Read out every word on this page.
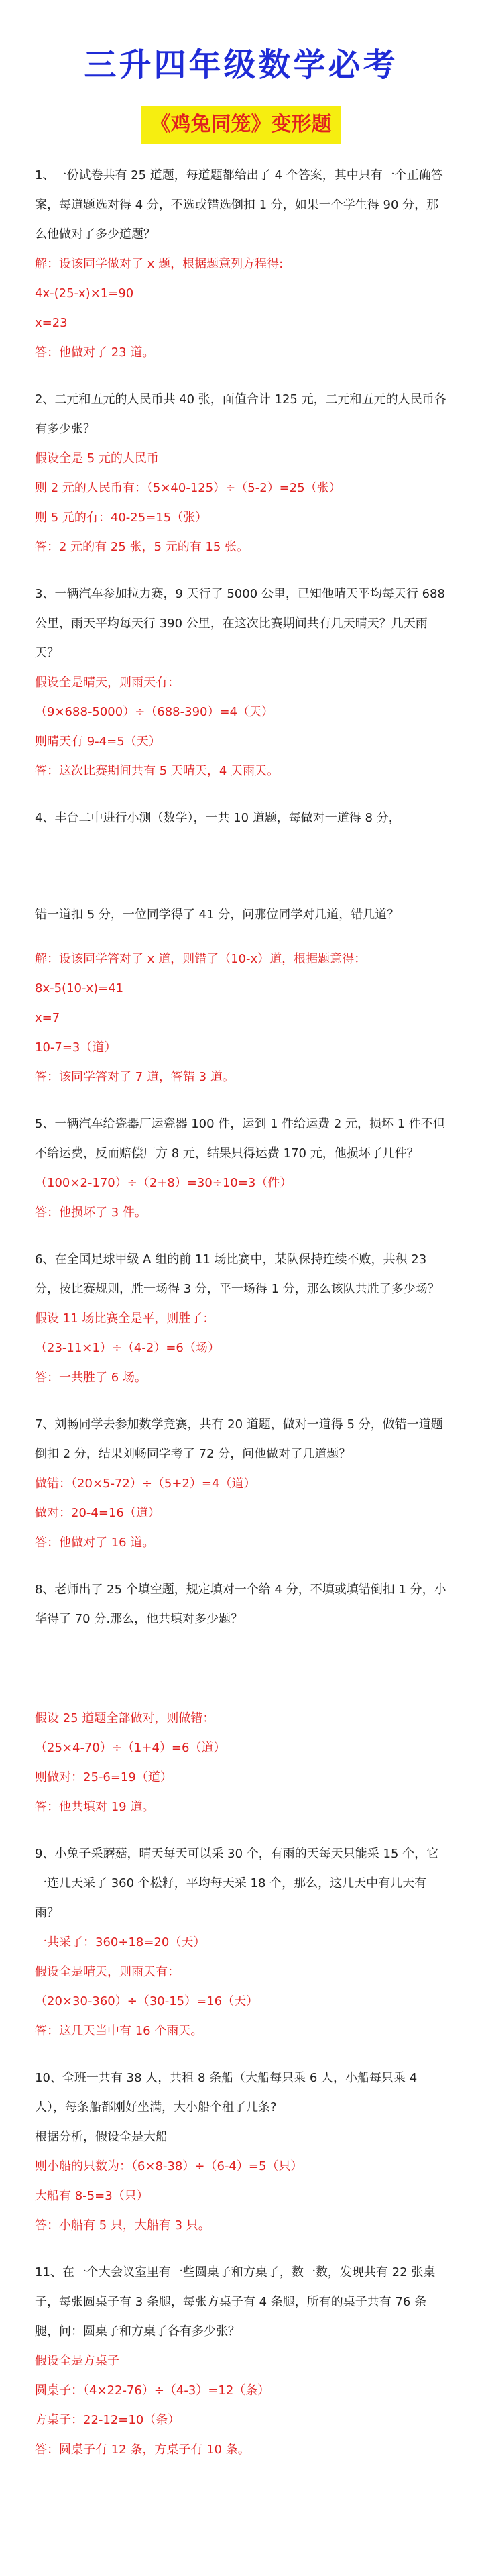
三升四年级数学必考
《鸡兔同笼》变形题

1、一份试卷共有 25 道题，每道题都给出了 4 个答案，其中只有一个正确答案，每道题选对得 4 分，不选或错选倒扣 1 分，如果一个学生得 90 分，那么他做对了多少道题？

解：设该同学做对了 x 题，根据题意列方程得:

4x-(25-x)×1=90

x=23

答：他做对了 23 道。

2、二元和五元的人民币共 40 张，面值合计 125 元，二元和五元的人民币各有多少张？

假设全是 5 元的人民币

则 2 元的人民币有：（5×40-125）÷（5-2）=25（张）

则 5 元的有：40-25=15（张）

答：2 元的有 25 张，5 元的有 15 张。

3、一辆汽车参加拉力赛，9 天行了 5000 公里，已知他晴天平均每天行 688 公里，雨天平均每天行 390 公里，在这次比赛期间共有几天晴天？几天雨天？

假设全是晴天，则雨天有：

（9×688-5000）÷（688-390）=4（天）

则晴天有 9-4=5（天）

答：这次比赛期间共有 5 天晴天，4 天雨天。

4、丰台二中进行小测（数学），一共 10 道题，每做对一道得 8 分，

错一道扣 5 分，一位同学得了 41 分，问那位同学对几道，错几道？

解：设该同学答对了 x 道，则错了（10-x）道，根据题意得：

8x-5(10-x)=41

x=7

10-7=3（道）

答：该同学答对了 7 道，答错 3 道。

5、一辆汽车给瓷器厂运瓷器 100 件，运到 1 件给运费 2 元，损坏 1 件不但不给运费，反而赔偿厂方 8 元，结果只得运费 170 元，他损坏了几件？

（100×2-170）÷（2+8）=30÷10=3（件）

答：他损坏了 3 件。

6、在全国足球甲级 A 组的前 11 场比赛中，某队保持连续不败，共积 23 分，按比赛规则，胜一场得 3 分，平一场得 1 分，那么该队共胜了多少场？

假设 11 场比赛全是平，则胜了：

（23-11×1）÷（4-2）=6（场）

答：一共胜了 6 场。

7、刘畅同学去参加数学竞赛，共有 20 道题，做对一道得 5 分，做错一道题倒扣 2 分，结果刘畅同学考了 72 分，问他做对了几道题？

做错：（20×5-72）÷（5+2）=4（道）

做对：20-4=16（道）

答：他做对了 16 道。

8、老师出了 25 个填空题，规定填对一个给 4 分，不填或填错倒扣 1 分，小华得了 70 分.那么，他共填对多少题？

假设 25 道题全部做对，则做错：

（25×4-70）÷（1+4）=6（道）

则做对：25-6=19（道）

答：他共填对 19 道。

9、小兔子采蘑菇，晴天每天可以采 30 个，有雨的天每天只能采 15 个，它一连几天采了 360 个松籽，平均每天采 18 个，那么，这几天中有几天有雨？

一共采了：360÷18=20（天）

假设全是晴天，则雨天有：

（20×30-360）÷（30-15）=16（天）

答：这几天当中有 16 个雨天。

10、全班一共有 38 人，共租 8 条船（大船每只乘 6 人，小船每只乘 4 人），每条船都刚好坐满，大小船个租了几条?

根据分析，假设全是大船

则小船的只数为：（6×8-38）÷（6-4）=5（只）

大船有 8-5=3（只）

答：小船有 5 只，大船有 3 只。

11、在一个大会议室里有一些圆桌子和方桌子，数一数，发现共有 22 张桌子，每张圆桌子有 3 条腿，每张方桌子有 4 条腿，所有的桌子共有 76 条腿，问：圆桌子和方桌子各有多少张？

假设全是方桌子

圆桌子：（4×22-76）÷（4-3）=12（条）

方桌子：22-12=10（条）

答：圆桌子有 12 条，方桌子有 10 条。
